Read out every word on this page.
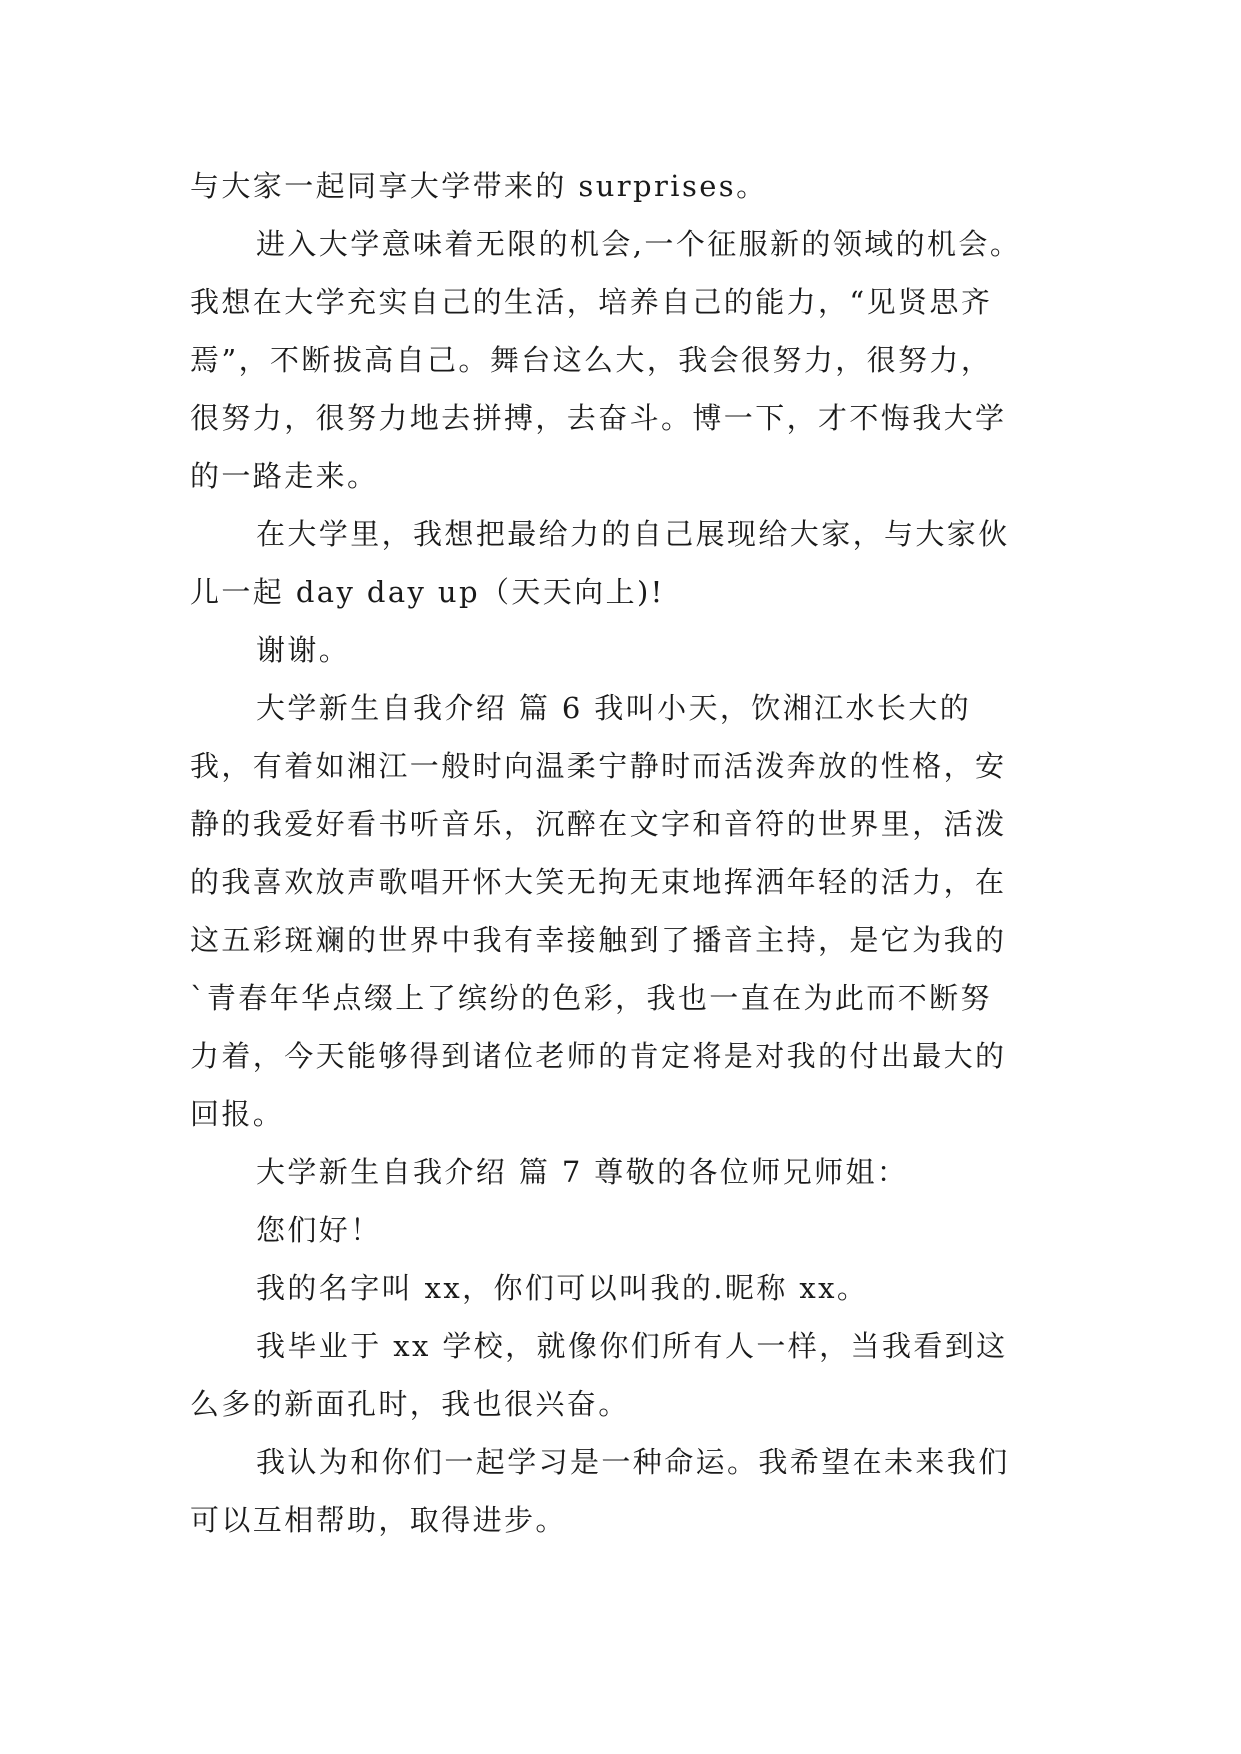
与大家一起同享大学带来的 surprises。
进入大学意味着无限的机会,一个征服新的领域的机会。
我想在大学充实自己的生活，培养自己的能力，“见贤思齐
焉”，不断拔高自己。舞台这么大，我会很努力，很努力，
很努力，很努力地去拼搏，去奋斗。博一下，才不悔我大学
的一路走来。
在大学里，我想把最给力的自己展现给大家，与大家伙
儿一起 day day up（天天向上)!
谢谢。
大学新生自我介绍 篇 6 我叫小天，饮湘江水长大的
我，有着如湘江一般时向温柔宁静时而活泼奔放的性格，安
静的我爱好看书听音乐，沉醉在文字和音符的世界里，活泼
的我喜欢放声歌唱开怀大笑无拘无束地挥洒年轻的活力，在
这五彩斑斓的世界中我有幸接触到了播音主持，是它为我的
`青春年华点缀上了缤纷的色彩，我也一直在为此而不断努
力着，今天能够得到诸位老师的肯定将是对我的付出最大的
回报。
大学新生自我介绍 篇 7 尊敬的各位师兄师姐：
您们好！
我的名字叫 xx，你们可以叫我的.昵称 xx。
我毕业于 xx 学校，就像你们所有人一样，当我看到这
么多的新面孔时，我也很兴奋。
我认为和你们一起学习是一种命运。我希望在未来我们
可以互相帮助，取得进步。
